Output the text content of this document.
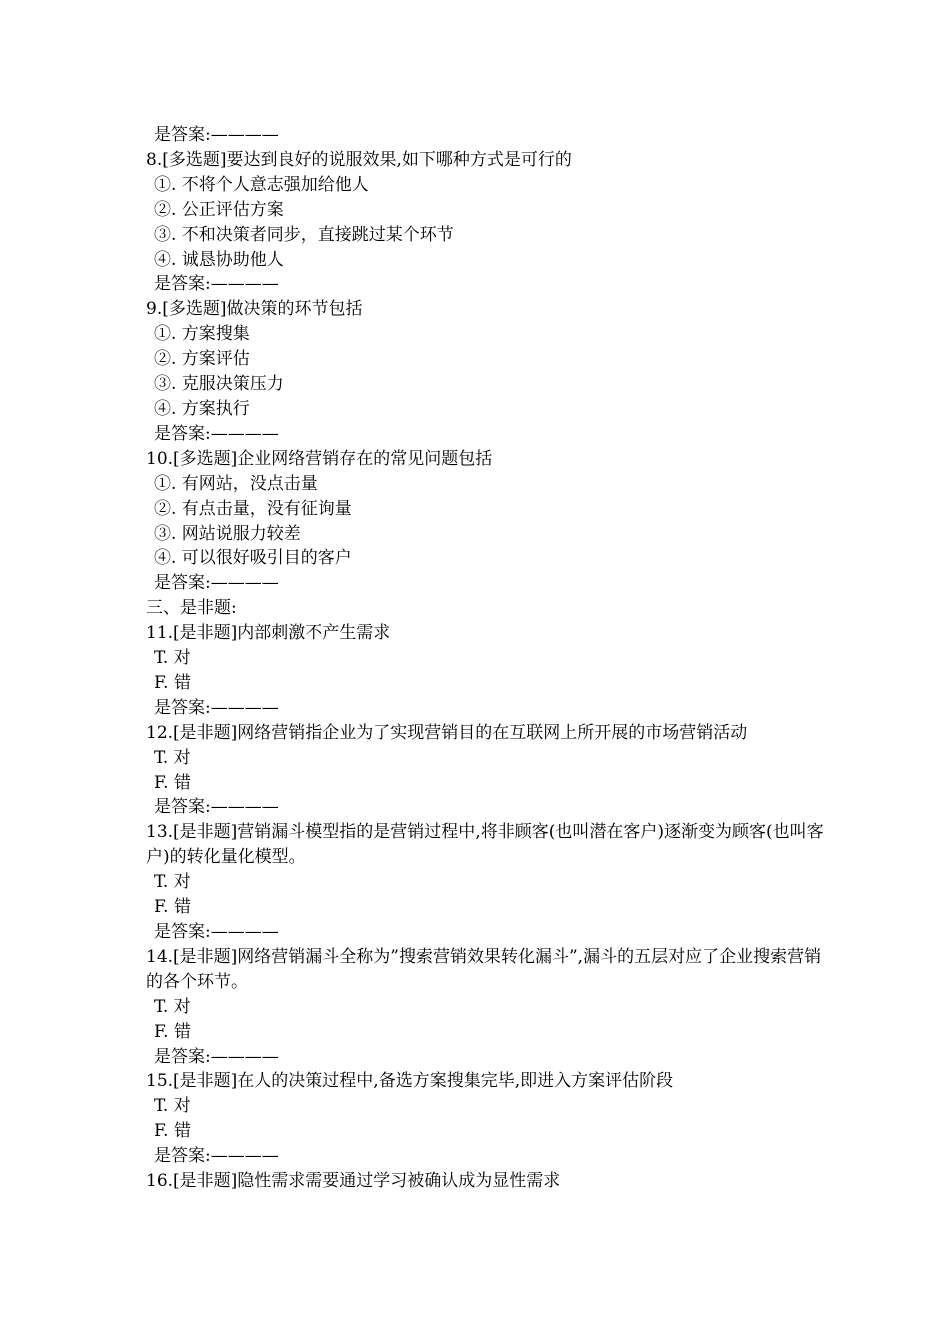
是答案:————
8.[多选题]要达到良好的说服效果,如下哪种方式是可行的
①. 不将个人意志强加给他人
②. 公正评估方案
③. 不和决策者同步，直接跳过某个环节
④. 诚恳协助他人
是答案:————
9.[多选题]做决策的环节包括
①. 方案搜集
②. 方案评估
③. 克服决策压力
④. 方案执行
是答案:————
10.[多选题]企业网络营销存在的常见问题包括
①. 有网站，没点击量
②. 有点击量，没有征询量
③. 网站说服力较差
④. 可以很好吸引目的客户
是答案:————
三、是非题:
11.[是非题]内部刺激不产生需求
T. 对
F. 错
是答案:————
12.[是非题]网络营销指企业为了实现营销目的在互联网上所开展的市场营销活动
T. 对
F. 错
是答案:————
13.[是非题]营销漏斗模型指的是营销过程中,将非顾客(也叫潜在客户)逐渐变为顾客(也叫客户)的转化量化模型。
T. 对
F. 错
是答案:————
14.[是非题]网络营销漏斗全称为”搜索营销效果转化漏斗”,漏斗的五层对应了企业搜索营销的各个环节。
T. 对
F. 错
是答案:————
15.[是非题]在人的决策过程中,备选方案搜集完毕,即进入方案评估阶段
T. 对
F. 错
是答案:————
16.[是非题]隐性需求需要通过学习被确认成为显性需求
